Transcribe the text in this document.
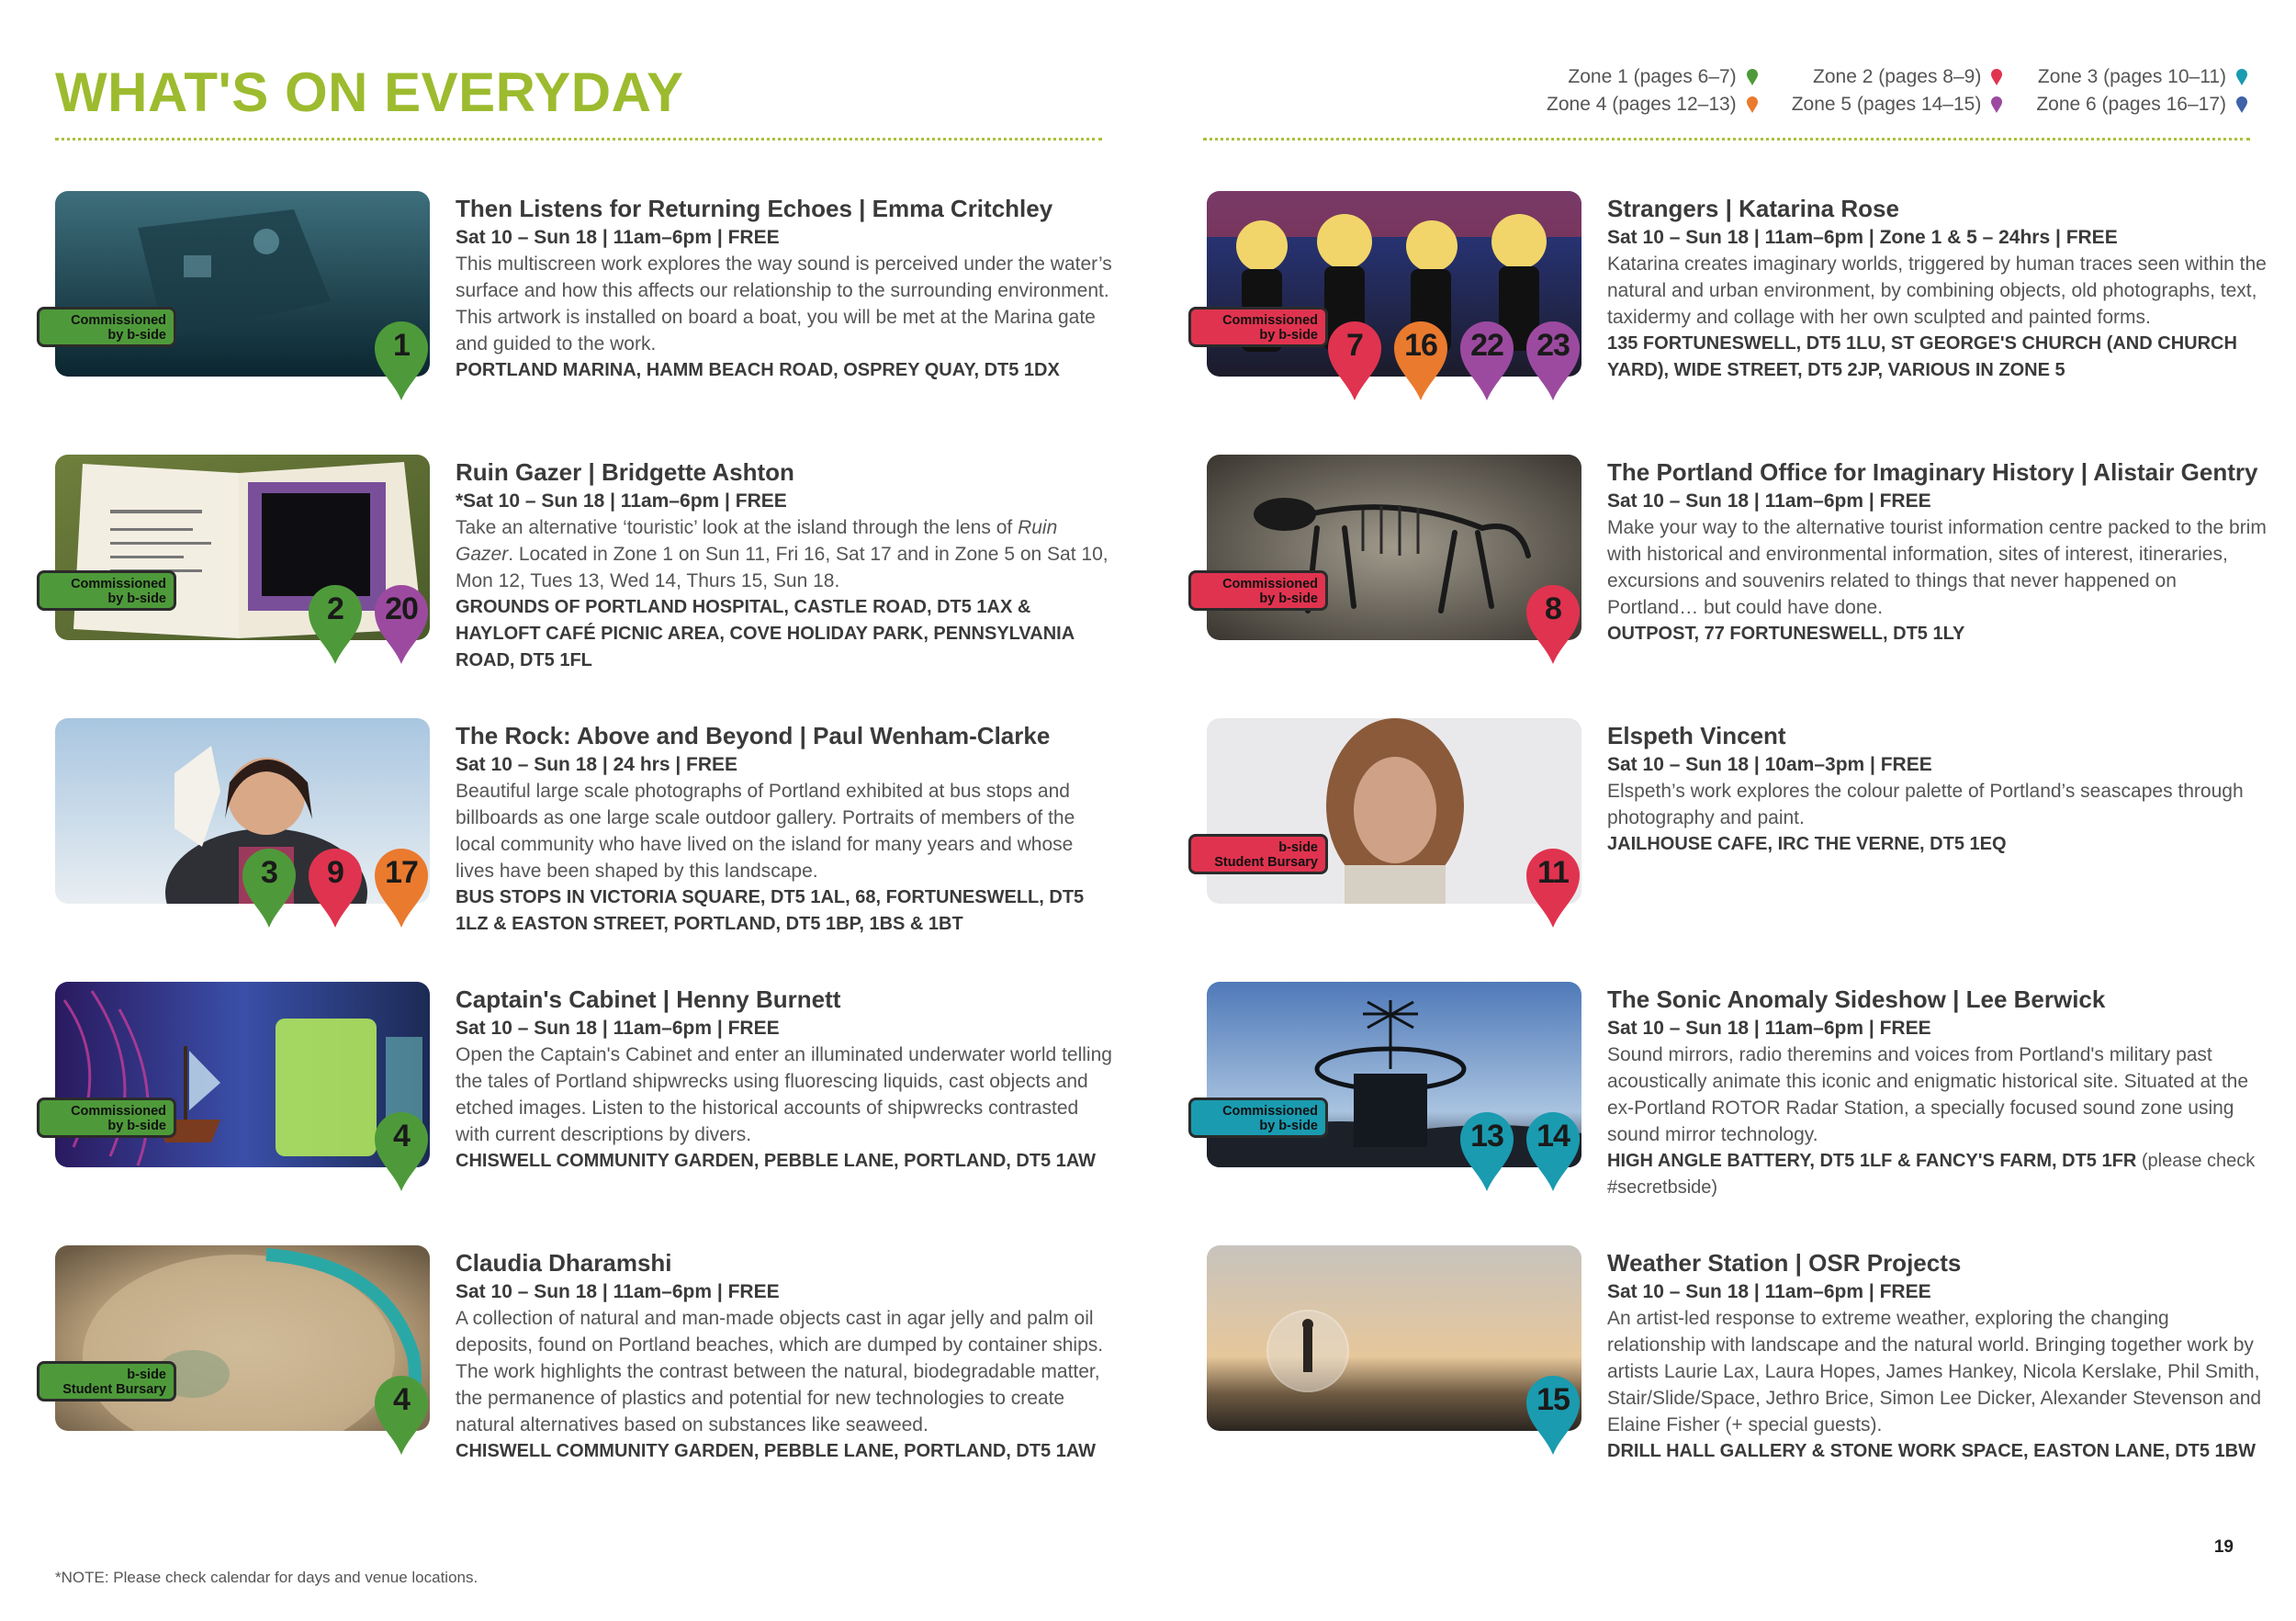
WHAT'S ON EVERYDAY	Zone 1 (pages 6–7)	Zone 2 (pages 8–9)	Zone 3 (pages 10–11)
Zone 4 (pages 12–13)	Zone 5 (pages 14–15)	Zone 6 (pages 16–17)
Commissioned
by b-side	1
Then Listens for Returning Echoes | Emma Critchley
Sat 10 – Sun 18 | 11am–6pm | FREE
This multiscreen work explores the way sound is perceived under the water’s surface and how this affects our relationship to the surrounding environment. This artwork is installed on board a boat, you will be met at the Marina gate and guided to the work.
PORTLAND MARINA, HAMM BEACH ROAD, OSPREY QUAY, DT5 1DX
Commissioned
by b-side 7	16	22	23
Strangers | Katarina Rose
Sat 10 – Sun 18 | 11am–6pm | Zone 1 & 5 – 24hrs | FREE
Katarina creates imaginary worlds, triggered by human traces seen within the natural and urban environment, by combining objects, old photographs, text, taxidermy and collage with her own sculpted and painted forms.
135 FORTUNESWELL, DT5 1LU, ST GEORGE'S CHURCH (AND CHURCH YARD), WIDE STREET, DT5 2JP, VARIOUS IN ZONE 5
Commissioned
by b-side	2	20
Ruin Gazer | Bridgette Ashton
*Sat 10 – Sun 18 | 11am–6pm | FREE
Take an alternative ‘touristic’ look at the island through the lens of Ruin Gazer. Located in Zone 1 on Sun 11, Fri 16, Sat 17 and in Zone 5 on Sat 10, Mon 12, Tues 13, Wed 14, Thurs 15, Sun 18.
GROUNDS OF PORTLAND HOSPITAL, CASTLE ROAD, DT5 1AX & HAYLOFT CAFÉ PICNIC AREA, COVE HOLIDAY PARK, PENNSYLVANIA ROAD, DT5 1FL
Commissioned
by b-side	8
The Portland Office for Imaginary History | Alistair Gentry
Sat 10 – Sun 18 | 11am–6pm | FREE
Make your way to the alternative tourist information centre packed to the brim with historical and environmental information, sites of interest, itineraries, excursions and souvenirs related to things that never happened on Portland… but could have done.
OUTPOST, 77 FORTUNESWELL, DT5 1LY
3	9	17
The Rock: Above and Beyond | Paul Wenham-Clarke
Sat 10 – Sun 18 | 24 hrs | FREE
Beautiful large scale photographs of Portland exhibited at bus stops and billboards as one large scale outdoor gallery. Portraits of members of the local community who have lived on the island for many years and whose lives have been shaped by this landscape.
BUS STOPS IN VICTORIA SQUARE, DT5 1AL, 68, FORTUNESWELL, DT5 1LZ & EASTON STREET, PORTLAND, DT5 1BP, 1BS & 1BT
b-side
Student Bursary	11
Elspeth Vincent
Sat 10 – Sun 18 | 10am–3pm | FREE
Elspeth’s work explores the colour palette of Portland’s seascapes through photography and paint.
JAILHOUSE CAFE, IRC THE VERNE, DT5 1EQ
Commissioned
by b-side	4
Captain's Cabinet | Henny Burnett
Sat 10 – Sun 18 | 11am–6pm | FREE
Open the Captain's Cabinet and enter an illuminated underwater world telling the tales of Portland shipwrecks using fluorescing liquids, cast objects and etched images. Listen to the historical accounts of shipwrecks contrasted with current descriptions by divers.
CHISWELL COMMUNITY GARDEN, PEBBLE LANE, PORTLAND, DT5 1AW
Commissioned
by b-side	13	14
The Sonic Anomaly Sideshow | Lee Berwick
Sat 10 – Sun 18 | 11am–6pm | FREE
Sound mirrors, radio theremins and voices from Portland's military past acoustically animate this iconic and enigmatic historical site. Situated at the ex-Portland ROTOR Radar Station, a specially focused sound zone using sound mirror technology.
HIGH ANGLE BATTERY, DT5 1LF & FANCY'S FARM, DT5 1FR (please check #secretbside)
b-side
Student Bursary	4
Claudia Dharamshi
Sat 10 – Sun 18 | 11am–6pm | FREE
A collection of natural and man-made objects cast in agar jelly and palm oil deposits, found on Portland beaches, which are dumped by container ships. The work highlights the contrast between the natural, biodegradable matter, the permanence of plastics and potential for new technologies to create natural alternatives based on substances like seaweed.
CHISWELL COMMUNITY GARDEN, PEBBLE LANE, PORTLAND, DT5 1AW
15
Weather Station | OSR Projects
Sat 10 – Sun 18 | 11am–6pm | FREE
An artist-led response to extreme weather, exploring the changing relationship with landscape and the natural world. Bringing together work by artists Laurie Lax, Laura Hopes, James Hankey, Nicola Kerslake, Phil Smith, Stair/Slide/Space, Jethro Brice, Simon Lee Dicker, Alexander Stevenson and Elaine Fisher (+ special guests).
DRILL HALL GALLERY & STONE WORK SPACE, EASTON LANE, DT5 1BW
*NOTE: Please check calendar for days and venue locations.
19
